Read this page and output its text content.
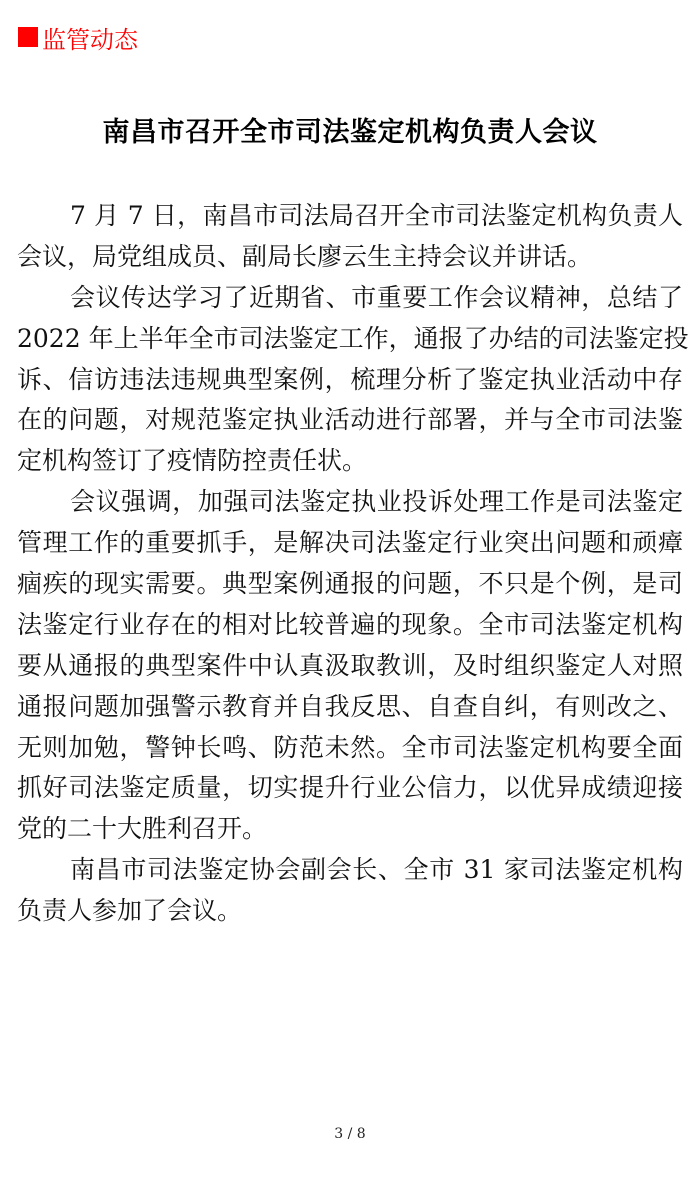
监管动态
南昌市召开全市司法鉴定机构负责人会议
7 月 7 日，南昌市司法局召开全市司法鉴定机构负责人
会议，局党组成员、副局长廖云生主持会议并讲话。
会议传达学习了近期省、市重要工作会议精神，总结了
2022 年上半年全市司法鉴定工作，通报了办结的司法鉴定投
诉、信访违法违规典型案例，梳理分析了鉴定执业活动中存
在的问题，对规范鉴定执业活动进行部署，并与全市司法鉴
定机构签订了疫情防控责任状。
会议强调，加强司法鉴定执业投诉处理工作是司法鉴定
管理工作的重要抓手，是解决司法鉴定行业突出问题和顽瘴
痼疾的现实需要。典型案例通报的问题，不只是个例，是司
法鉴定行业存在的相对比较普遍的现象。全市司法鉴定机构
要从通报的典型案件中认真汲取教训，及时组织鉴定人对照
通报问题加强警示教育并自我反思、自查自纠，有则改之、
无则加勉，警钟长鸣、防范未然。全市司法鉴定机构要全面
抓好司法鉴定质量，切实提升行业公信力，以优异成绩迎接
党的二十大胜利召开。
南昌市司法鉴定协会副会长、全市 31 家司法鉴定机构
负责人参加了会议。
3 / 8
